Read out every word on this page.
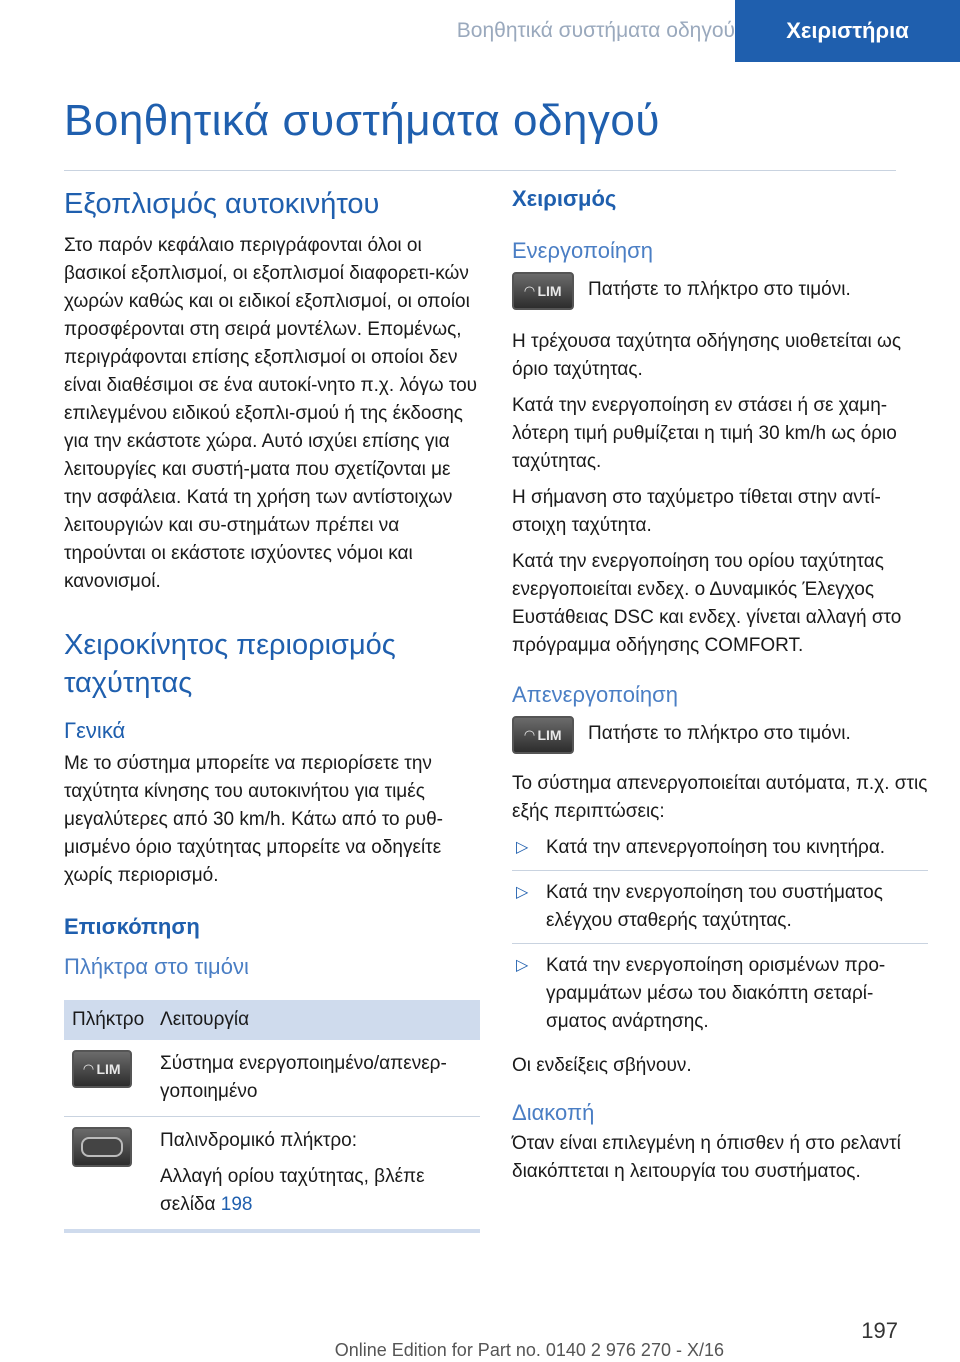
Βοηθητικά συστήματα οδηγού	Χειριστήρια
Βοηθητικά συστήματα οδηγού
Εξοπλισμός αυτοκινήτου

Στο παρόν κεφάλαιο περιγράφονται όλοι οι βασικοί εξοπλισμοί, οι εξοπλισμοί διαφορετι-κών χωρών καθώς και οι ειδικοί εξοπλισμοί, οι οποίοι προσφέρονται στη σειρά μοντέλων. Επομένως, περιγράφονται επίσης εξοπλισμοί οι οποίοι δεν είναι διαθέσιμοι σε ένα αυτοκί-νητο π.χ. λόγω του επιλεγμένου ειδικού εξοπλι-σμού ή της έκδοσης για την εκάστοτε χώρα. Αυτό ισχύει επίσης για λειτουργίες και συστή-ματα που σχετίζονται με την ασφάλεια. Κατά τη χρήση των αντίστοιχων λειτουργιών και συ-στημάτων πρέπει να τηρούνται οι εκάστοτε ισχύοντες νόμοι και κανονισμοί.

Χειροκίνητος περιορισμός
ταχύτητας
Γενικά

Με το σύστημα μπορείτε να περιορίσετε την ταχύτητα κίνησης του αυτοκινήτου για τιμές μεγαλύτερες από 30 km/h. Κάτω από το ρυθ-μισμένο όριο ταχύτητας μπορείτε να οδηγείτε χωρίς περιορισμό.

Επισκόπηση
Πλήκτρα στο τιμόνι
Πλήκτρο	Λειτουργία

◠ LIM	Σύστημα ενεργοποιημένο/απενερ-γοποιημένο

	Παλινδρομικό πλήκτρο:
Αλλαγή ορίου ταχύτητας, βλέπε σελίδα 198
Χειρισμός
Ενεργοποίηση
◠ LIM Πατήστε το πλήκτρο στο τιμόνι.

Η τρέχουσα ταχύτητα οδήγησης υιοθετείται ως όριο ταχύτητας.

Κατά την ενεργοποίηση εν στάσει ή σε χαμη-λότερη τιμή ρυθμίζεται η τιμή 30 km/h ως όριο ταχύτητας.

Η σήμανση στο ταχύμετρο τίθεται στην αντί-στοιχη ταχύτητα.

Κατά την ενεργοποίηση του ορίου ταχύτητας ενεργοποιείται ενδεχ. ο Δυναμικός Έλεγχος Ευστάθειας DSC και ενδεχ. γίνεται αλλαγή στο πρόγραμμα οδήγησης COMFORT.

Απενεργοποίηση
◠ LIM Πατήστε το πλήκτρο στο τιμόνι.

Το σύστημα απενεργοποιείται αυτόματα, π.χ. στις εξής περιπτώσεις:

▷ Κατά την απενεργοποίηση του κινητήρα.
▷ Κατά την ενεργοποίηση του συστήματος ελέγχου σταθερής ταχύτητας.
▷ Κατά την ενεργοποίηση ορισμένων προ-γραμμάτων μέσω του διακόπτη σεταρί-σματος ανάρτησης.

Οι ενδείξεις σβήνουν.

Διακοπή

Όταν είναι επιλεγμένη η όπισθεν ή στο ρελαντί διακόπτεται η λειτουργία του συστήματος.

197
Online Edition for Part no. 0140 2 976 270 - X/16
